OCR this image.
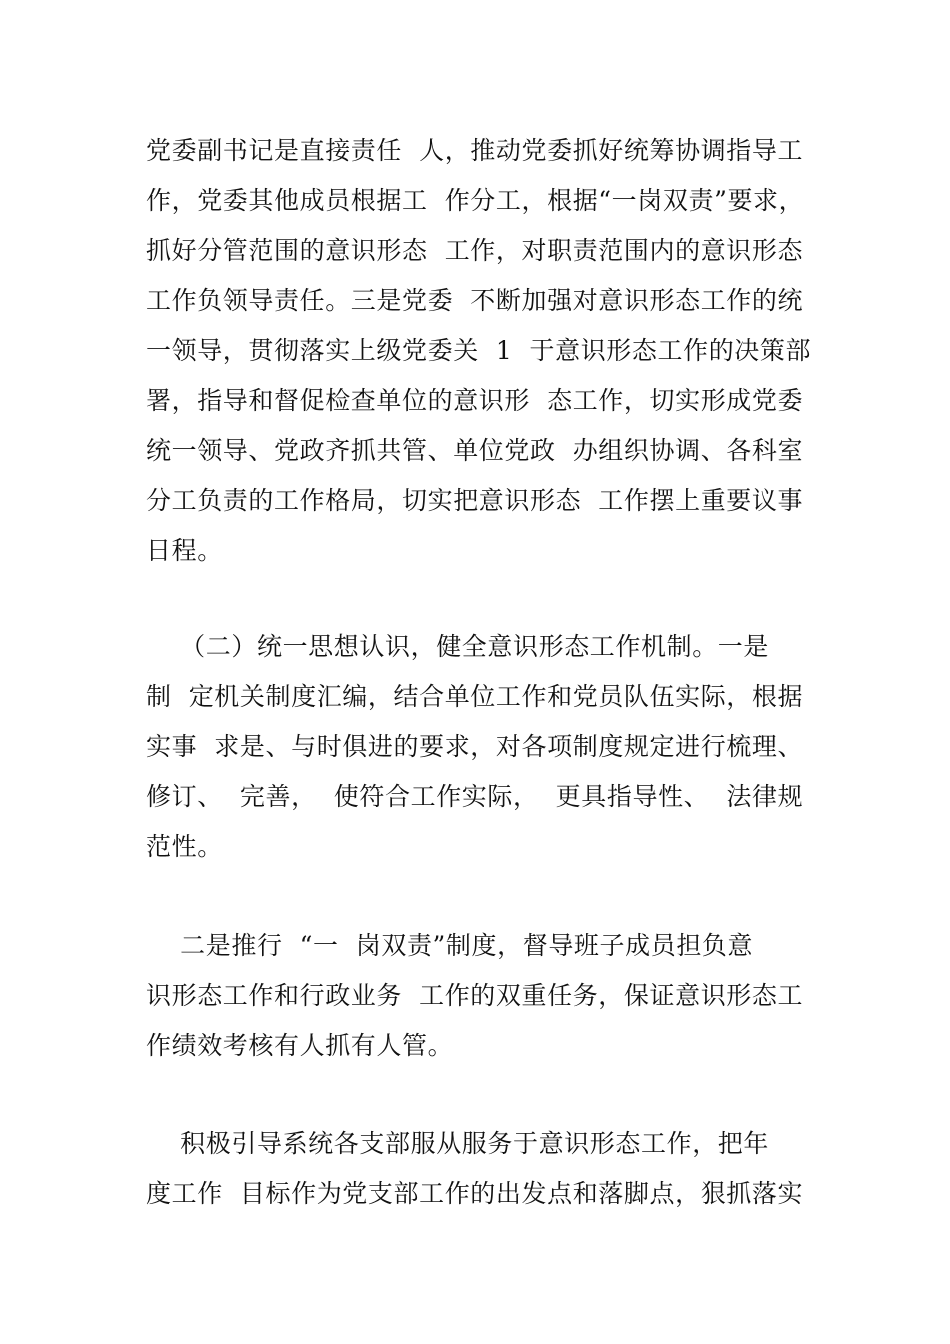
党委副书记是直接责任  人，推动党委抓好统筹协调指导工
作，党委其他成员根据工  作分工，根据“一岗双责”要求，
抓好分管范围的意识形态  工作，对职责范围内的意识形态
工作负领导责任。三是党委  不断加强对意识形态工作的统
一领导，贯彻落实上级党委关  1  于意识形态工作的决策部
署，指导和督促检查单位的意识形  态工作，切实形成党委
统一领导、党政齐抓共管、单位党政  办组织协调、各科室
分工负责的工作格局，切实把意识形态  工作摆上重要议事
日程。
（二）统一思想认识，健全意识形态工作机制。一是
制  定机关制度汇编，结合单位工作和党员队伍实际，根据
实事  求是、与时俱进的要求，对各项制度规定进行梳理、
修订、  完善，  使符合工作实际，  更具指导性、  法律规
范性。
二是推行  “一  岗双责”制度，督导班子成员担负意
识形态工作和行政业务  工作的双重任务，保证意识形态工
作绩效考核有人抓有人管。
积极引导系统各支部服从服务于意识形态工作，把年
度工作  目标作为党支部工作的出发点和落脚点，狠抓落实
